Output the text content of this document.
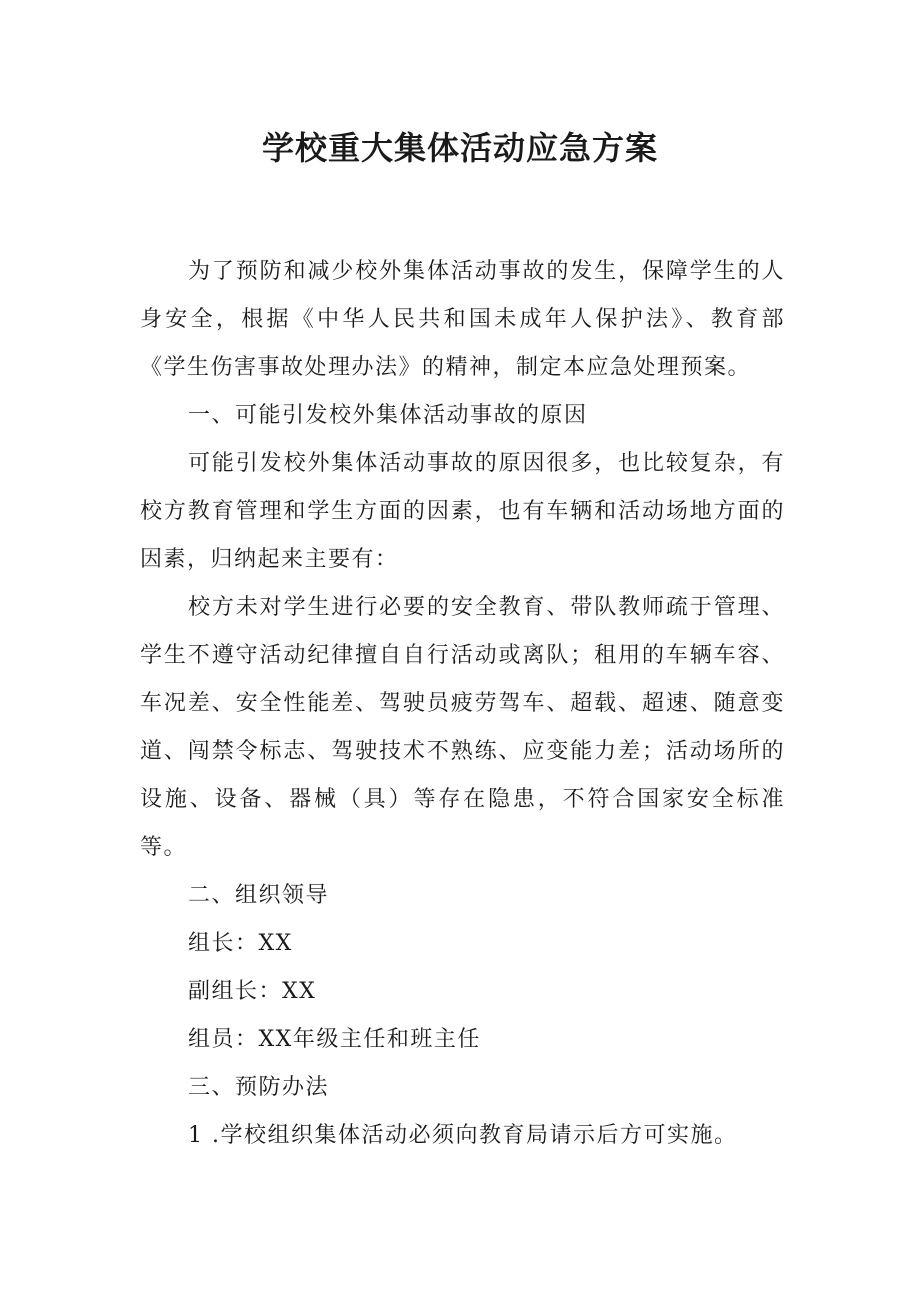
学校重大集体活动应急方案

为了预防和减少校外集体活动事故的发生，保障学生的人身安全，根据《中华人民共和国未成年人保护法》、教育部《学生伤害事故处理办法》的精神，制定本应急处理预案。

一、可能引发校外集体活动事故的原因

可能引发校外集体活动事故的原因很多，也比较复杂，有校方教育管理和学生方面的因素，也有车辆和活动场地方面的因素，归纳起来主要有：

校方未对学生进行必要的安全教育、带队教师疏于管理、学生不遵守活动纪律擅自自行活动或离队；租用的车辆车容、车况差、安全性能差、驾驶员疲劳驾车、超载、超速、随意变道、闯禁令标志、驾驶技术不熟练、应变能力差；活动场所的设施、设备、器械（具）等存在隐患，不符合国家安全标准等。

二、组织领导

组长：XX

副组长：XX

组员：XX年级主任和班主任

三、预防办法

1 .学校组织集体活动必须向教育局请示后方可实施。
